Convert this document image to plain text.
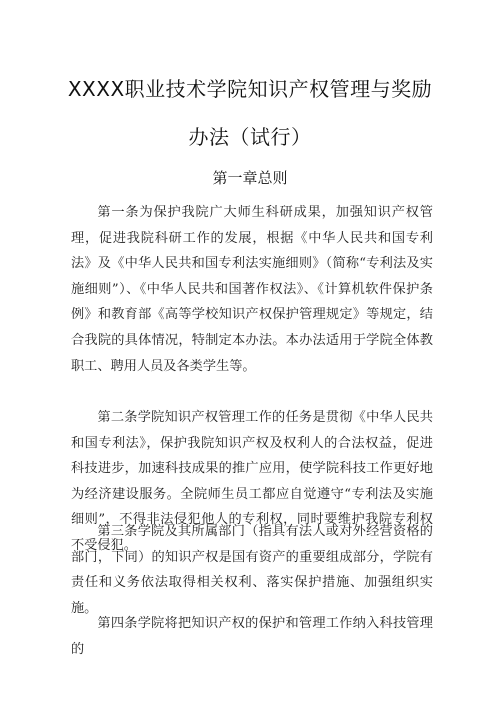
XXXX职业技术学院知识产权管理与奖励
办法（试行）
第一章总则
第一条为保护我院广大师生科研成果，加强知识产权管理，促进我院科研工作的发展，根据《中华人民共和国专利法》及《中华人民共和国专利法实施细则》（简称“专利法及实施细则”）、《中华人民共和国著作权法》、《计算机软件保护条例》和教育部《高等学校知识产权保护管理规定》等规定，结合我院的具体情况，特制定本办法。本办法适用于学院全体教职工、聘用人员及各类学生等。
第二条学院知识产权管理工作的任务是贯彻《中华人民共和国专利法》，保护我院知识产权及权利人的合法权益，促进科技进步，加速科技成果的推广应用，使学院科技工作更好地为经济建设服务。全院师生员工都应自觉遵守“专利法及实施细则”，不得非法侵犯他人的专利权，同时要维护我院专利权不受侵犯。
第三条学院及其所属部门（指具有法人或对外经营资格的部门，下同）的知识产权是国有资产的重要组成部分，学院有责任和义务依法取得相关权利、落实保护措施、加强组织实施。
第四条学院将把知识产权的保护和管理工作纳入科技管理的
